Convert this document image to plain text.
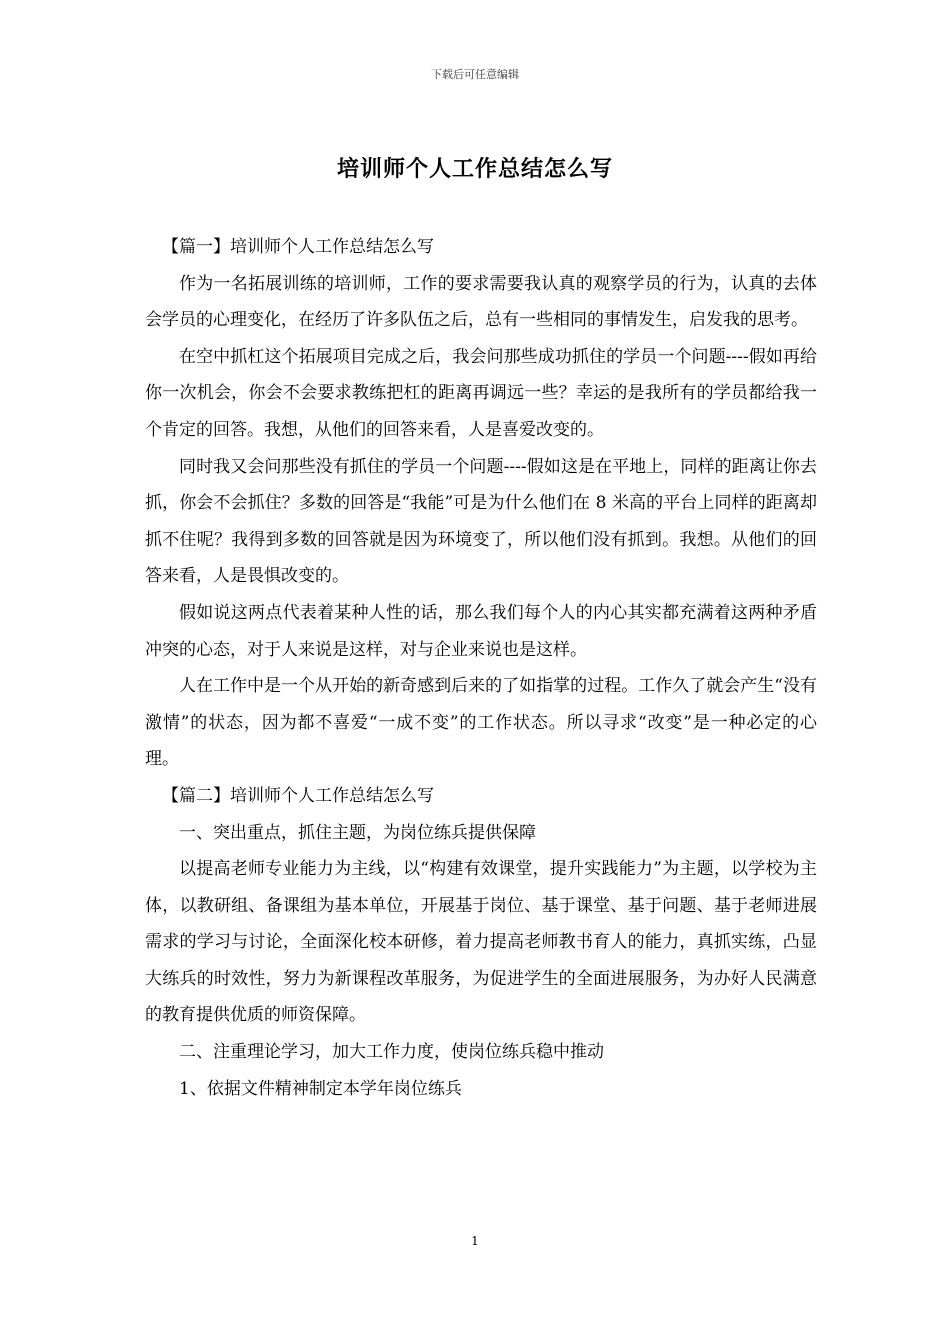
下载后可任意编辑
培训师个人工作总结怎么写

【篇一】培训师个人工作总结怎么写

作为一名拓展训练的培训师，工作的要求需要我认真的观察学员的行为，认真的去体会学员的心理变化，在经历了许多队伍之后，总有一些相同的事情发生，启发我的思考。

在空中抓杠这个拓展项目完成之后，我会问那些成功抓住的学员一个问题----假如再给你一次机会，你会不会要求教练把杠的距离再调远一些？幸运的是我所有的学员都给我一个肯定的回答。我想，从他们的回答来看，人是喜爱改变的。

同时我又会问那些没有抓住的学员一个问题----假如这是在平地上，同样的距离让你去抓，你会不会抓住？多数的回答是“我能”可是为什么他们在 8 米高的平台上同样的距离却抓不住呢？我得到多数的回答就是因为环境变了，所以他们没有抓到。我想。从他们的回答来看，人是畏惧改变的。

假如说这两点代表着某种人性的话，那么我们每个人的内心其实都充满着这两种矛盾冲突的心态，对于人来说是这样，对与企业来说也是这样。

人在工作中是一个从开始的新奇感到后来的了如指掌的过程。工作久了就会产生“没有激情”的状态，因为都不喜爱“一成不变”的工作状态。所以寻求“改变”是一种必定的心理。

【篇二】培训师个人工作总结怎么写

一、突出重点，抓住主题，为岗位练兵提供保障

以提高老师专业能力为主线，以“构建有效课堂，提升实践能力”为主题，以学校为主体，以教研组、备课组为基本单位，开展基于岗位、基于课堂、基于问题、基于老师进展需求的学习与讨论，全面深化校本研修，着力提高老师教书育人的能力，真抓实练，凸显大练兵的时效性，努力为新课程改革服务，为促进学生的全面进展服务，为办好人民满意的教育提供优质的师资保障。

二、注重理论学习，加大工作力度，使岗位练兵稳中推动

1、依据文件精神制定本学年岗位练兵

1
